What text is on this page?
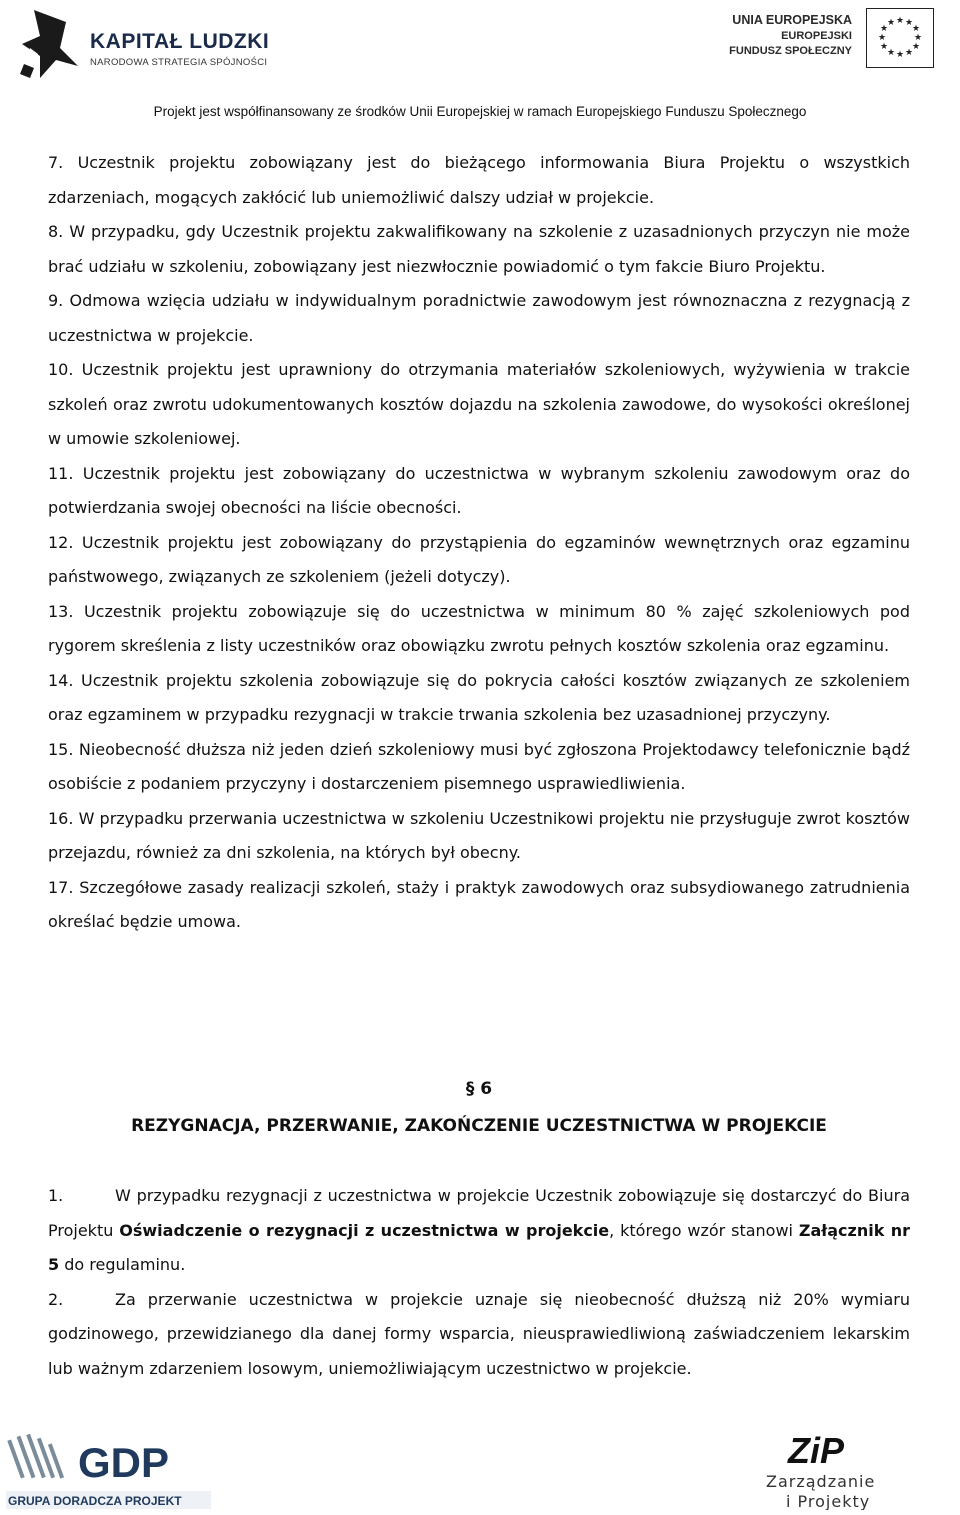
KAPITAŁ LUDZKI
NARODOWA STRATEGIA SPÓJNOŚCI
UNIA EUROPEJSKA
EUROPEJSKI
FUNDUSZ SPOŁECZNY
★ ★
★
★
★
★
★
★
★
★
★
★
Projekt jest współfinansowany ze środków Unii Europejskiej w ramach Europejskiego Funduszu Społecznego

7. Uczestnik projektu zobowiązany jest do bieżącego informowania Biura Projektu o wszystkich zdarzeniach, mogących zakłócić lub uniemożliwić dalszy udział w projekcie.

8. W przypadku, gdy Uczestnik projektu zakwalifikowany na szkolenie z uzasadnionych przyczyn nie może brać udziału w szkoleniu, zobowiązany jest niezwłocznie powiadomić o tym fakcie Biuro Projektu.

9. Odmowa wzięcia udziału w indywidualnym poradnictwie zawodowym jest równoznaczna z rezygnacją z uczestnictwa w projekcie.

10. Uczestnik projektu jest uprawniony do otrzymania materiałów szkoleniowych, wyżywienia w trakcie szkoleń oraz zwrotu udokumentowanych kosztów dojazdu na szkolenia zawodowe, do wysokości określonej w umowie szkoleniowej.

11. Uczestnik projektu jest zobowiązany do uczestnictwa w wybranym szkoleniu zawodowym oraz do potwierdzania swojej obecności na liście obecności.

12. Uczestnik projektu jest zobowiązany do przystąpienia do egzaminów wewnętrznych oraz egzaminu państwowego, związanych ze szkoleniem (jeżeli dotyczy).

13. Uczestnik projektu zobowiązuje się do uczestnictwa w minimum 80 % zajęć szkoleniowych pod rygorem skreślenia z listy uczestników oraz obowiązku zwrotu pełnych kosztów szkolenia oraz egzaminu.

14. Uczestnik projektu szkolenia zobowiązuje się do pokrycia całości kosztów związanych ze szkoleniem oraz egzaminem w przypadku rezygnacji w trakcie trwania szkolenia bez uzasadnionej przyczyny.

15. Nieobecność dłuższa niż jeden dzień szkoleniowy musi być zgłoszona Projektodawcy telefonicznie bądź osobiście z podaniem przyczyny i dostarczeniem pisemnego usprawiedliwienia.

16. W przypadku przerwania uczestnictwa w szkoleniu Uczestnikowi projektu nie przysługuje zwrot kosztów przejazdu, również za dni szkolenia, na których był obecny.

17. Szczegółowe zasady realizacji szkoleń, staży i praktyk zawodowych oraz subsydiowanego zatrudnienia określać będzie umowa.

§ 6
REZYGNACJA, PRZERWANIE, ZAKOŃCZENIE UCZESTNICTWA W PROJEKCIE

1.	W przypadku rezygnacji z uczestnictwa w projekcie Uczestnik zobowiązuje się dostarczyć do Biura Projektu Oświadczenie o rezygnacji z uczestnictwa w projekcie, którego wzór stanowi Załącznik nr 5 do regulaminu.

2.	Za przerwanie uczestnictwa w projekcie uznaje się nieobecność dłuższą niż 20% wymiaru godzinowego, przewidzianego dla danej formy wsparcia, nieusprawiedliwioną zaświadczeniem lekarskim lub ważnym zdarzeniem losowym, uniemożliwiającym uczestnictwo w projekcie.

GDP
GRUPA DORADCZA PROJEKT
ZiP
Zarządzanie
i Projekty
